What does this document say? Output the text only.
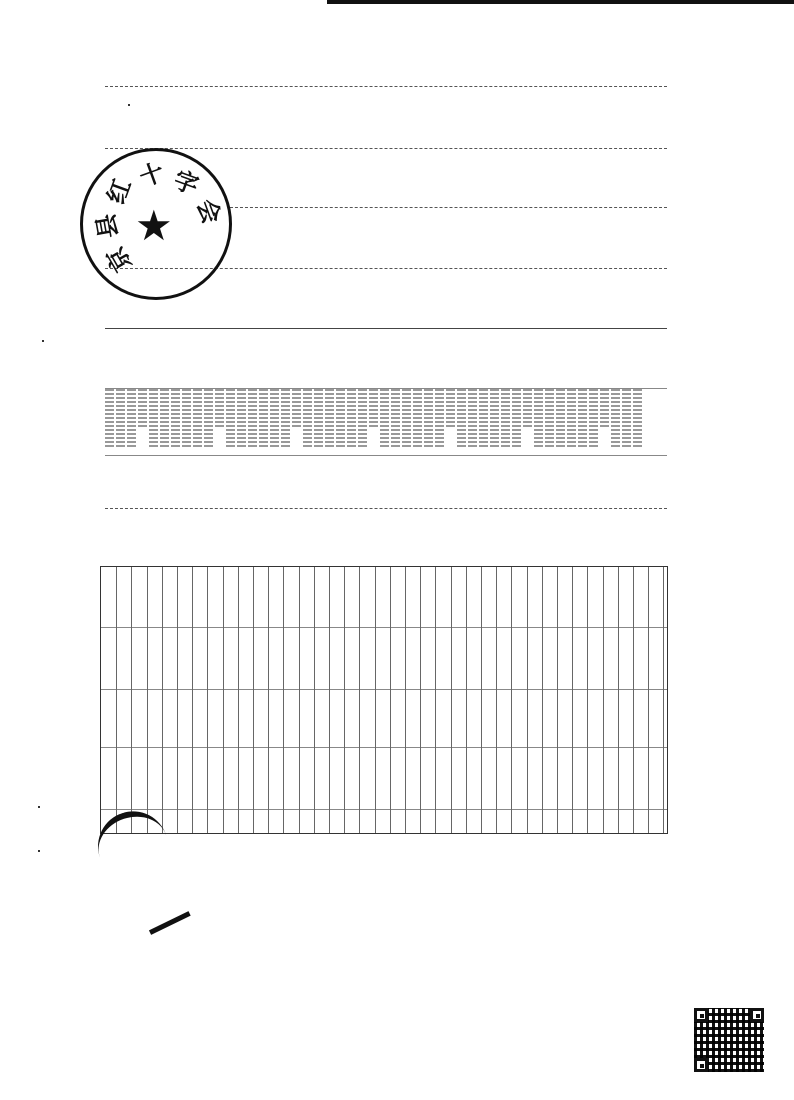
京
县
红
十 字
会
★
